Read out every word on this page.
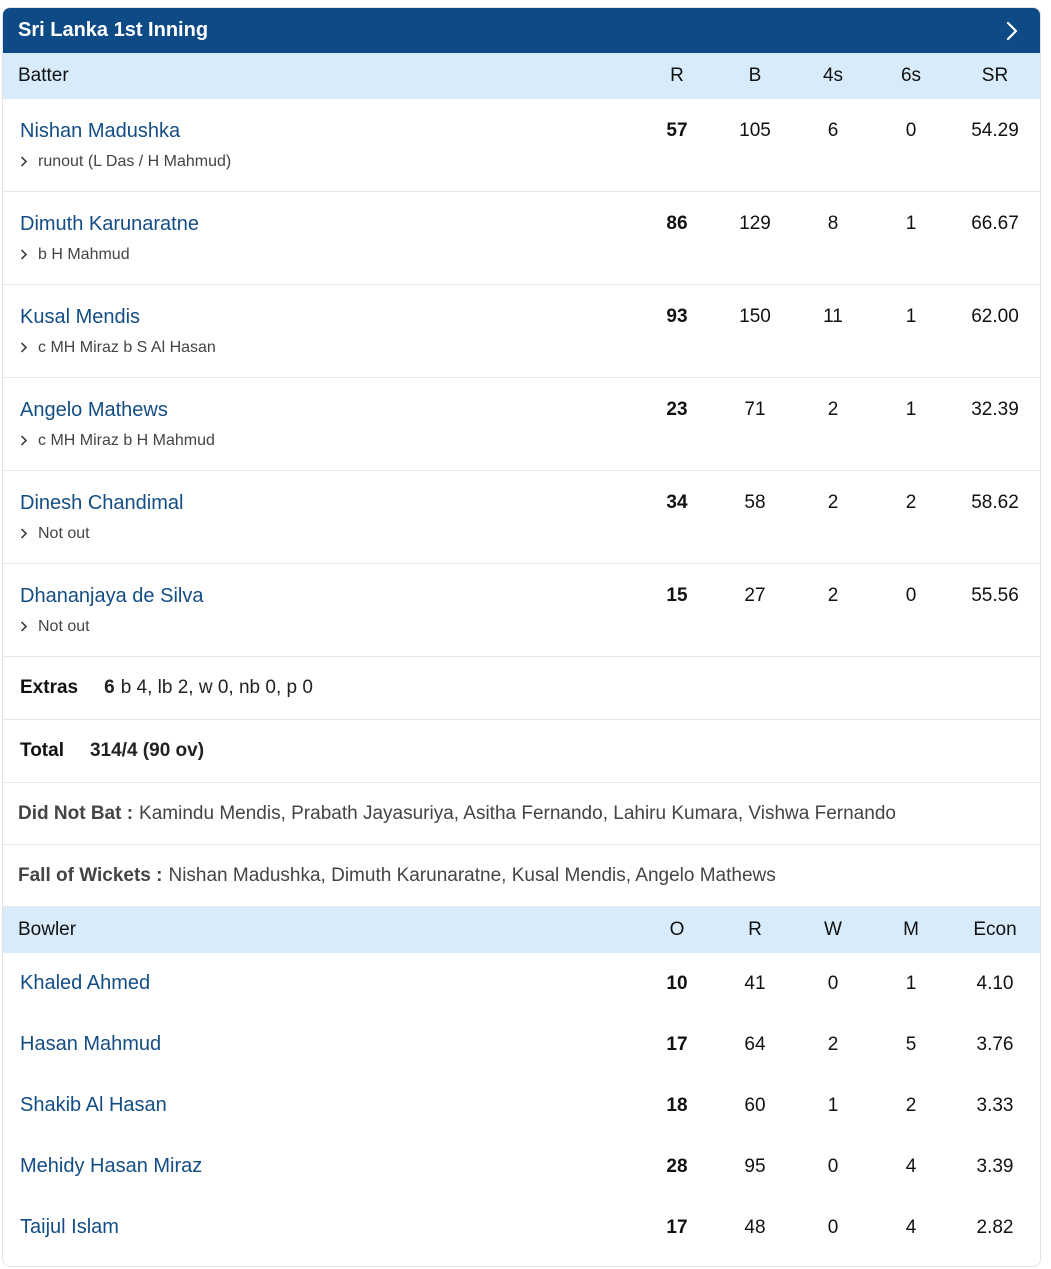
Sri Lanka 1st Inning
Batter	R	B	4s	6s	SR
Nishan Madushka	57	105	6	0	54.29
runout (L Das / H Mahmud)
Dimuth Karunaratne	86	129	8	1	66.67
b H Mahmud
Kusal Mendis	93	150	11	1	62.00
c MH Miraz b S Al Hasan
Angelo Mathews	23	71	2	1	32.39
c MH Miraz b H Mahmud
Dinesh Chandimal	34	58	2	2	58.62
Not out
Dhananjaya de Silva	15	27	2	0	55.56
Not out
Extras 6 b 4, lb 2, w 0, nb 0, p 0
Total 314/4 (90 ov)
Did Not Bat : Kamindu Mendis, Prabath Jayasuriya, Asitha Fernando, Lahiru Kumara, Vishwa Fernando
Fall of Wickets : Nishan Madushka, Dimuth Karunaratne, Kusal Mendis, Angelo Mathews
Bowler	O	R	W	M	Econ
Khaled Ahmed	10	41	0	1	4.10
Hasan Mahmud	17	64	2	5	3.76
Shakib Al Hasan	18	60	1	2	3.33
Mehidy Hasan Miraz	28	95	0	4	3.39
Taijul Islam	17	48	0	4	2.82
